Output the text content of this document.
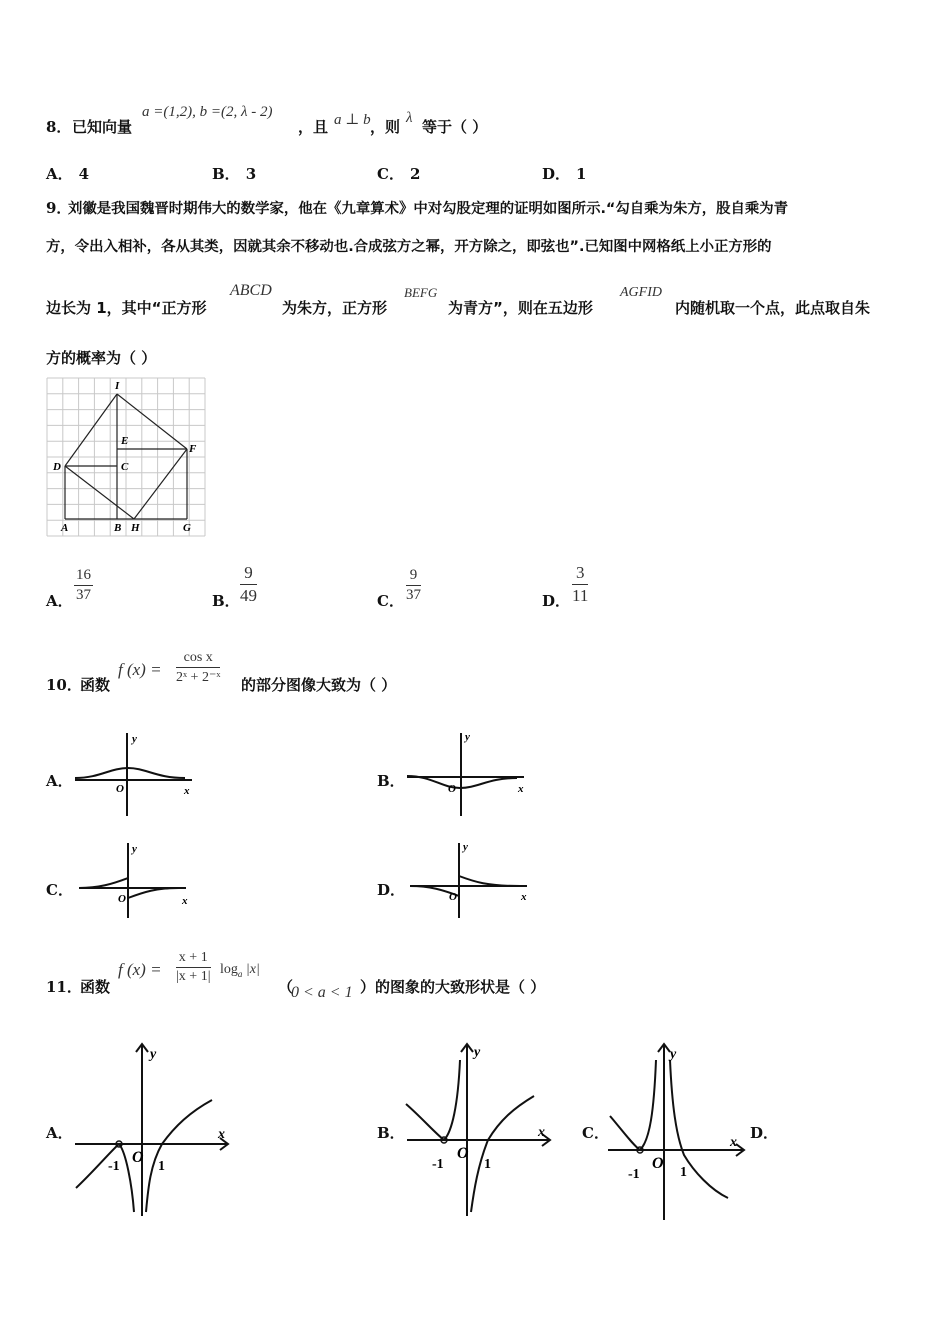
8． 已知向量
a =(1,2), b =(2, λ - 2)
，且 a ⊥ b ，则 λ 等于（ ）
A． 4	B． 3	C． 2	D． 1
9．
刘徽是我国魏晋时期伟大的数学家，他在《九章算术》中对勾股定理的证明如图所示.“勾自乘为朱方，股自乘为青
方，令出入相补，各从其类，因就其余不移动也.合成弦方之幂，开方除之，即弦也”.已知图中网格纸上小正方形的
边长为 1，其中“正方形
ABCD
为朱方，正方形
BEFG
为青方”，则在五边形
AGFID
内随机取一个点，此点取自朱
方的概率为（ ）
I
E
F
D	C
A	B H	G
A． $\frac{16}{37}$	B． $\frac{9}{49}$	C． $\frac{9}{37}$	D． $\frac{3}{11}$
10．
函数
f $(x) = \frac{\text{cos x}}{\text{2ˣ + 2⁻ˣ}}$ 的部分图像大致为（ ）
A．
y
x
O	B．
y
x
O
C．
y
x
O	D．
y
x
O
11．
函数
f $(x) = \frac{x + 1}{|x + 1|} \log_a |x|$
（
0 < a < 1 ）的图象的大致形状是（ ）
A．
y
x
-1	1
O
B．
y
x
-1	1
O
C．
y
x
-1	1
O
D．
